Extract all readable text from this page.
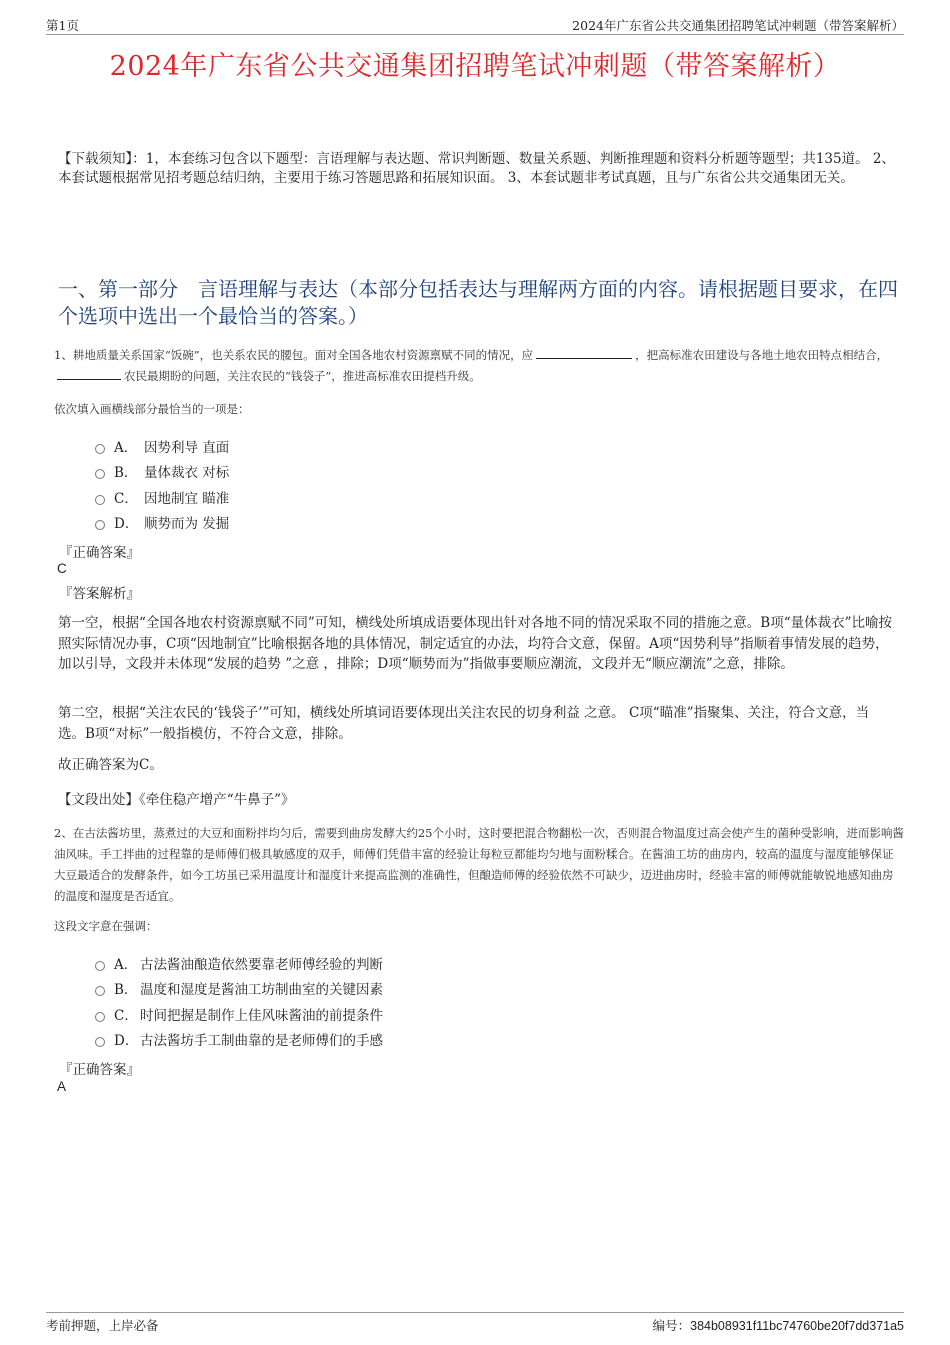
第1页	2024年广东省公共交通集团招聘笔试冲刺题（带答案解析）
2024年广东省公共交通集团招聘笔试冲刺题（带答案解析）
【下载须知】：1，本套练习包含以下题型：言语理解与表达题、常识判断题、数量关系题、判断推理题和资料分析题等题型；共135道。 2、本套试题根据常见招考题总结归纳，主要用于练习答题思路和拓展知识面。 3、本套试题非考试真题，且与广东省公共交通集团无关。
一、第一部分　言语理解与表达（本部分包括表达与理解两方面的内容。请根据题目要求，在四个选项中选出一个最恰当的答案。）
1、耕地质量关系国家“饭碗”，也关系农民的腰包。面对全国各地农村资源禀赋不同的情况，应	，把高标准农田建设与各地土地农田特点相结合，农民最期盼的问题，关注农民的“钱袋子”，推进高标准农田提档升级。
依次填入画横线部分最恰当的一项是：
A． 因势利导 直面
B． 量体裁衣 对标
C． 因地制宜 瞄准
D． 顺势而为 发掘
『正确答案』
C
『答案解析』
第一空，根据“全国各地农村资源禀赋不同”可知，横线处所填成语要体现出针对各地不同的情况采取不同的措施之意。B项“量体裁衣”比喻按照实际情况办事，C项“因地制宜”比喻根据各地的具体情况，制定适宜的办法，均符合文意，保留。A项“因势利导”指顺着事情发展的趋势，加以引导，文段并未体现“发展的趋势 ”之意 ，排除；D项“顺势而为”指做事要顺应潮流，文段并无“顺应潮流”之意，排除。
第二空，根据“关注农民的‘钱袋子’”可知，横线处所填词语要体现出关注农民的切身利益 之意。 C项“瞄准”指聚集、关注，符合文意，当选。B项“对标”一般指模仿，不符合文意，排除。
故正确答案为C。
【文段出处】《牵住稳产增产“牛鼻子”》
2、在古法酱坊里，蒸煮过的大豆和面粉拌均匀后，需要到曲房发酵大约25个小时，这时要把混合物翻松一次，否则混合物温度过高会使产生的菌种受影响，进而影响酱油风味。手工拌曲的过程靠的是师傅们极具敏感度的双手，师傅们凭借丰富的经验让每粒豆都能均匀地与面粉糅合。在酱油工坊的曲房内，较高的温度与湿度能够保证大豆最适合的发酵条件，如今工坊虽已采用温度计和湿度计来提高监测的准确性，但酿造师傅的经验依然不可缺少，迈进曲房时，经验丰富的师傅就能敏锐地感知曲房的温度和湿度是否适宜。
这段文字意在强调：
A． 古法酱油酿造依然要靠老师傅经验的判断
B． 温度和湿度是酱油工坊制曲室的关键因素
C． 时间把握是制作上佳风味酱油的前提条件
D． 古法酱坊手工制曲靠的是老师傅们的手感
『正确答案』
A
考前押题，上岸必备	编号：384b08931f11bc74760be20f7dd371a5
